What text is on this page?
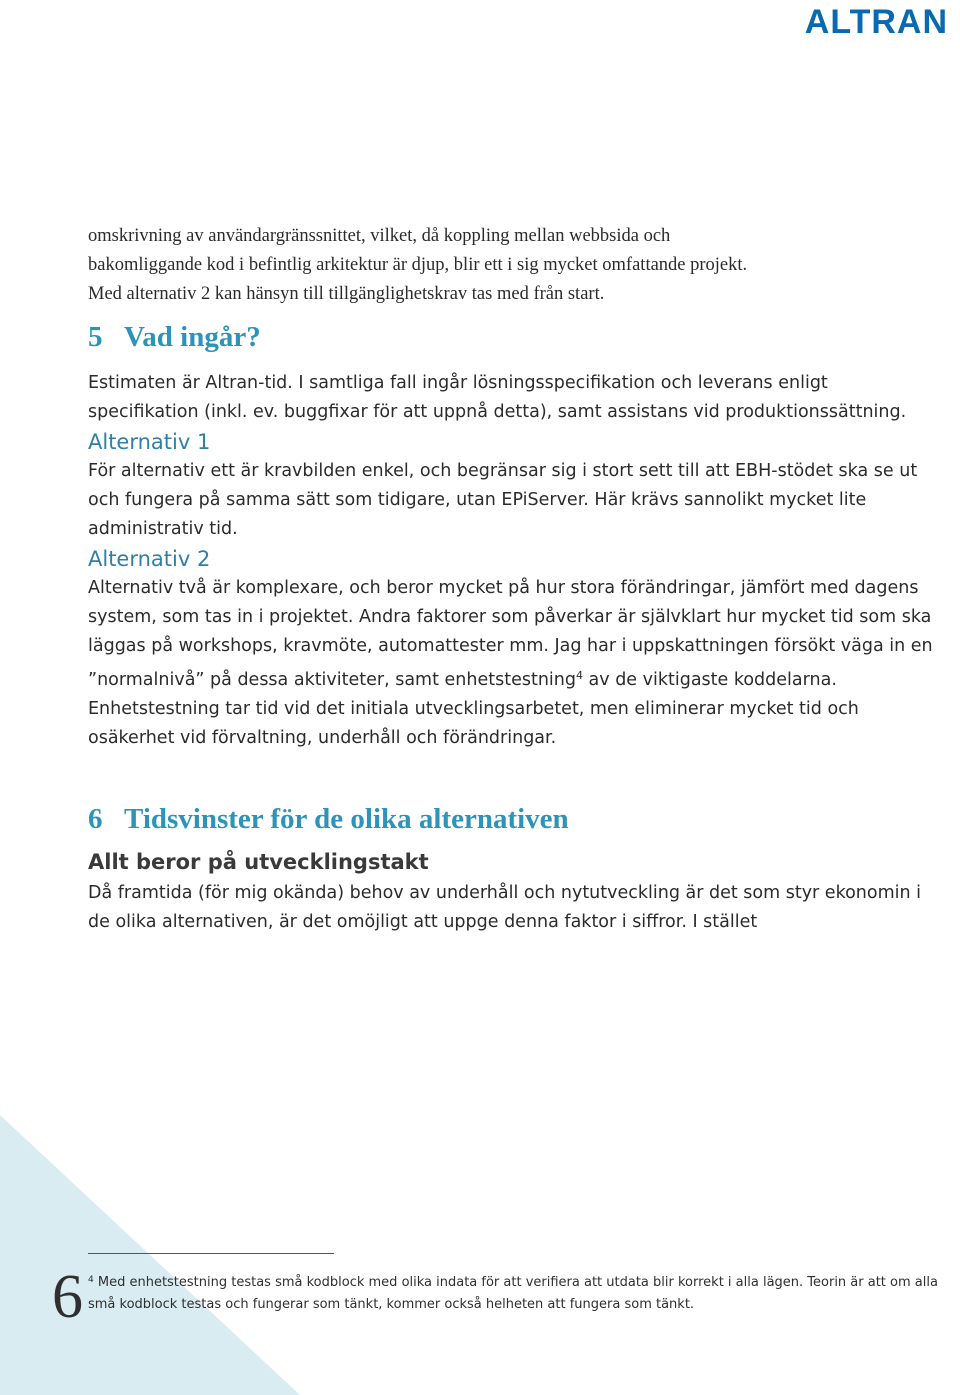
ALTRAN

omskrivning av användargränssnittet, vilket, då koppling mellan webbsida och

bakomliggande kod i befintlig arkitektur är djup, blir ett i sig mycket omfattande projekt.

Med alternativ 2 kan hänsyn till tillgänglighetskrav tas med från start.

5 Vad ingår?

Estimaten är Altran-tid. I samtliga fall ingår lösningsspecifikation och leverans enligt specifikation (inkl. ev. buggfixar för att uppnå detta), samt assistans vid produktionssättning.

Alternativ 1

För alternativ ett är kravbilden enkel, och begränsar sig i stort sett till att EBH-stödet ska se ut och fungera på samma sätt som tidigare, utan EPiServer. Här krävs sannolikt mycket lite administrativ tid.

Alternativ 2

Alternativ två är komplexare, och beror mycket på hur stora förändringar, jämfört med dagens system, som tas in i projektet. Andra faktorer som påverkar är självklart hur mycket tid som ska läggas på workshops, kravmöte, automattester mm. Jag har i uppskattningen försökt väga in en ”normalnivå” på dessa aktiviteter, samt enhetstestning$^4$ av de viktigaste koddelarna. Enhetstestning tar tid vid det initiala utvecklingsarbetet, men eliminerar mycket tid och osäkerhet vid förvaltning, underhåll och förändringar.

6 Tidsvinster för de olika alternativen
Allt beror på utvecklingstakt

Då framtida (för mig okända) behov av underhåll och nytutveckling är det som styr ekonomin i de olika alternativen, är det omöjligt att uppge denna faktor i siffror. I stället

6 $^4$ Med enhetstestning testas små kodblock med olika indata för att verifiera att utdata blir korrekt i alla lägen. Teorin är att om alla små kodblock testas och fungerar som tänkt, kommer också helheten att fungera som tänkt.
